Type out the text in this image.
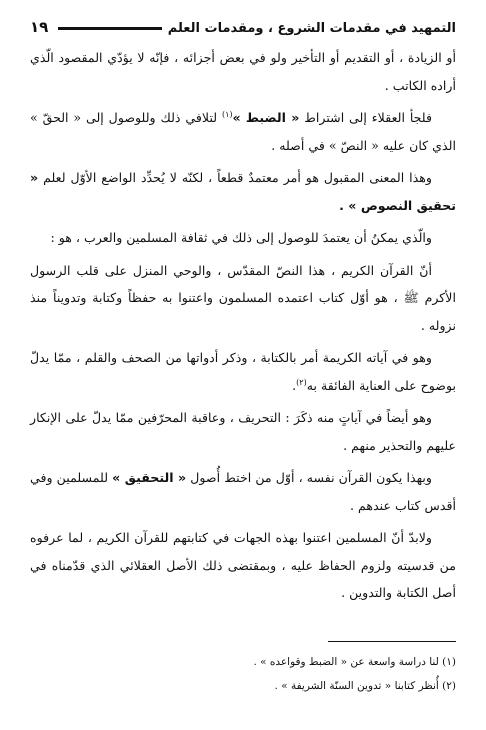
التمهيد في مقدمات الشروع ، ومقدمات العلم
١٩

أو الزيادة ، أو التقديم أو التأخير ولو في بعض أجزائه ، فإنّه لا يؤدّي المقصود الّذي أراده الكاتب .

فلجأ العقلاء إلى اشتراط « الضبط »$^{(١)}$ لتلافي ذلك وللوصول إلى « الحقّ » الذي كان عليه « النصّ » في أصله .

وهذا المعنى المقبول هو أمر معتمدٌ قطعاً ، لكنّه لا يُحدِّد الواضع الأوّل لعلم « تحقيق النصوص » .

والّذي يمكنُ أن يعتمدَ للوصول إلى ذلك في ثقافة المسلمين والعرب ، هو :

أنّ القرآن الكريم ، هذا النصّ المقدّس ، والوحي المنزل على قلب الرسول الأكرم ﷺ ، هو أوّل كتاب اعتمده المسلمون واعتنوا به حفظاً وكتابة وتدويناً منذ نزوله .

وهو في آياته الكريمة أمر بالكتابة ، وذكر أدواتها من الصحف والقلم ، ممّا يدلّ بوضوح على العناية الفائقة به$^{(٢)}$.

وهو أيضاً في آياتٍ منه ذكَرَ : التحريف ، وعاقبة المحرّفين ممّا يدلّ على الإنكار عليهم والتحذير منهم .

وبهذا يكون القرآن نفسه ، أوّل من اختط أُصول « التحقيق » للمسلمين وفي أقدس كتاب عندهم .

ولابدّ أنّ المسلمين اعتنوا بهذه الجهات في كتابتهم للقرآن الكريم ، لما عرفوه من قدسيته ولزوم الحفاظ عليه ، وبمقتضى ذلك الأصل العقلائي الذي قدّمناه في أصل الكتابة والتدوين .

(١) لنا دراسة واسعة عن « الضبط وقواعده » .

(٢) أُنظر كتابنا « تدوين السنّة الشريفة » .
